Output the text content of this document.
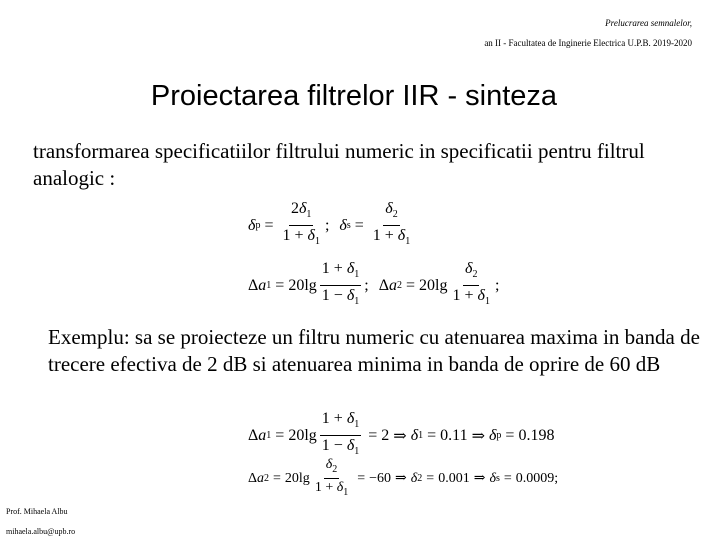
Prelucrarea semnalelor,
an II - Facultatea de Inginerie Electrica U.P.B. 2019-2020
Proiectarea filtrelor IIR - sinteza
transformarea specificatiilor filtrului numeric in specificatii pentru filtrul analogic :
δ $p = \frac{2\delta_1}{1 + \delta_1}$ ; δ $s = \frac{\delta_2}{1 + \delta_1}$
Δ a $1 = 20\lg \frac{1 + \delta_1}{1 - \delta_1}$ ; Δ a $2 = 20\lg \frac{\delta_2}{1 + \delta_1}$ ;
Exemplu: sa se proiecteze un filtru numeric cu atenuarea maxima in banda de trecere efectiva de 2 dB si atenuarea minima in banda de oprire de 60 dB
Δ a $1 = 20\lg \frac{1 + \delta_1}{1 - \delta_1} = 2$ ⇒ δ 1 = 0.11 ⇒ δ p = 0.198
Δ a $2 = 20\lg \frac{\delta_2}{1 + \delta_1} = -60$ ⇒ δ 2 = 0.001 ⇒ δ s = 0.0009;
Prof. Mihaela Albu
mihaela.albu@upb.ro
